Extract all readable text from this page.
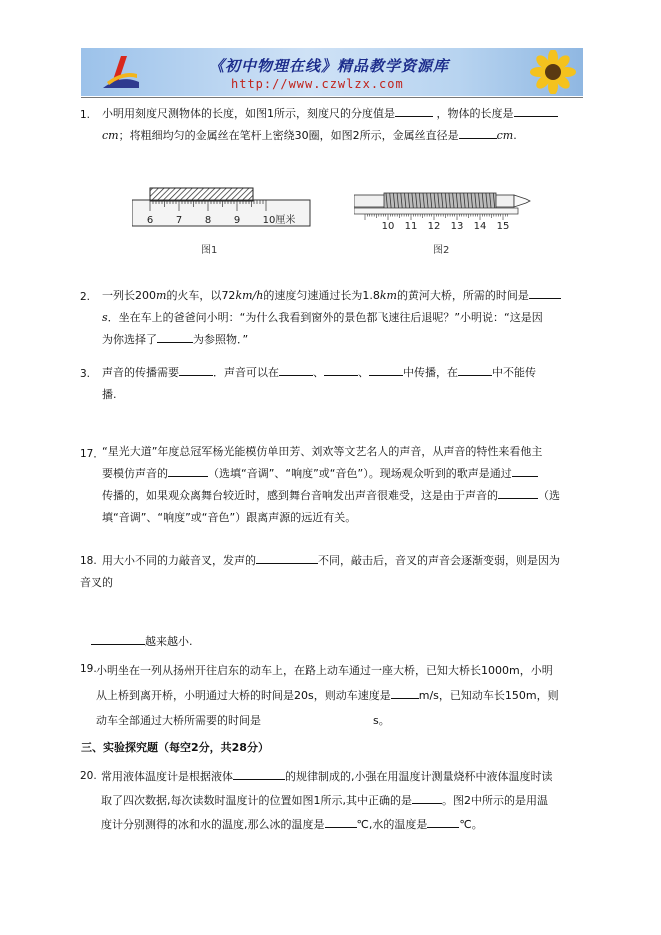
《初中物理在线》精品教学资源库
http://www.czwlzx.com
1. 小明用刻度尺测物体的长度，如图1所示，刻度尺的分度值是	，物体的长度是
cm；将粗细均匀的金属丝在笔杆上密绕30圈，如图2所示，金属丝直径是	cm.
6 7 8 9 10厘米
图1
10 11 12 13 14 15
图2
2. 一列长200m的火车，以72km/h的速度匀速通过长为1.8km的黄河大桥，所需的时间是
s．坐在车上的爸爸问小明：“为什么我看到窗外的景色都飞速往后退呢？”小明说：“这是因
为你选择了	为参照物．”
3. 声音的传播需要	．声音可以在	、	、	中传播，在	中不能传
播.
17．
“星光大道”年度总冠军杨光能模仿单田芳、刘欢等文艺名人的声音，从声音的特性来看他主
要模仿声音的	（选填“音调”、“响度”或“音色”）。现场观众听到的歌声是通过
传播的，如果观众离舞台较近时，感到舞台音响发出声音很难受，这是由于声音的	（选
填“音调”、“响度”或“音色”）跟离声源的远近有关。
18. 用大小不同的力敲音叉，发声的	不同，敲击后，音叉的声音会逐渐变弱，则是因为
音叉的
越来越小.
19. 小明坐在一列从扬州开往启东的动车上，在路上动车通过一座大桥，已知大桥长1000m，小明
从上桥到离开桥，小明通过大桥的时间是20s，则动车速度是	m/s，已知动车长150m，则
动车全部通过大桥所需要的时间是	s。
三、实验探究题（每空2分，共28分）
20. 常用液体温度计是根据液体	的规律制成的,小强在用温度计测量烧杯中液体温度时读
取了四次数据,每次读数时温度计的位置如图1所示,其中正确的是	。图2中所示的是用温
度计分别测得的冰和水的温度,那么冰的温度是	℃,水的温度是	℃。
